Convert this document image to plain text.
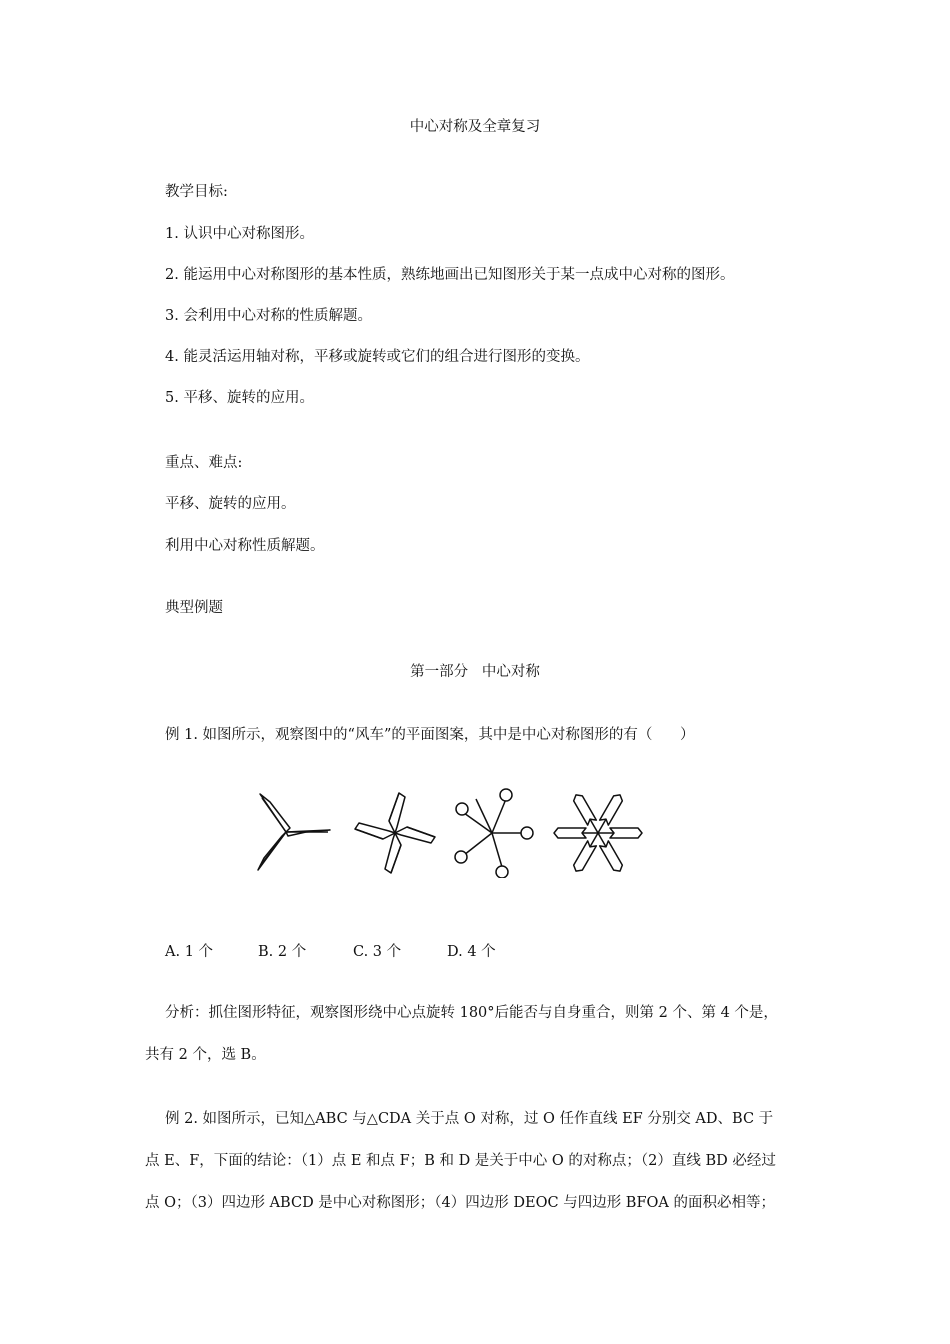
中心对称及全章复习
教学目标:
1. 认识中心对称图形。
2. 能运用中心对称图形的基本性质，熟练地画出已知图形关于某一点成中心对称的图形。
3. 会利用中心对称的性质解题。
4. 能灵活运用轴对称，平移或旋转或它们的组合进行图形的变换。
5. 平移、旋转的应用。
重点、难点:
平移、旋转的应用。
利用中心对称性质解题。
典型例题
第一部分   中心对称
例 1. 如图所示，观察图中的“风车”的平面图案，其中是中心对称图形的有（      ）
A. 1 个	B. 2 个	C. 3 个	D. 4 个
分析：抓住图形特征，观察图形绕中心点旋转 180°后能否与自身重合，则第 2 个、第 4 个是，
共有 2 个，选 B。
例 2. 如图所示，已知△ABC 与△CDA 关于点 O 对称，过 O 任作直线 EF 分别交 AD、BC 于
点 E、F，下面的结论：（1）点 E 和点 F；B 和 D 是关于中心 O 的对称点；（2）直线 BD 必经过
点 O；（3）四边形 ABCD 是中心对称图形；（4）四边形 DEOC 与四边形 BFOA 的面积必相等；
